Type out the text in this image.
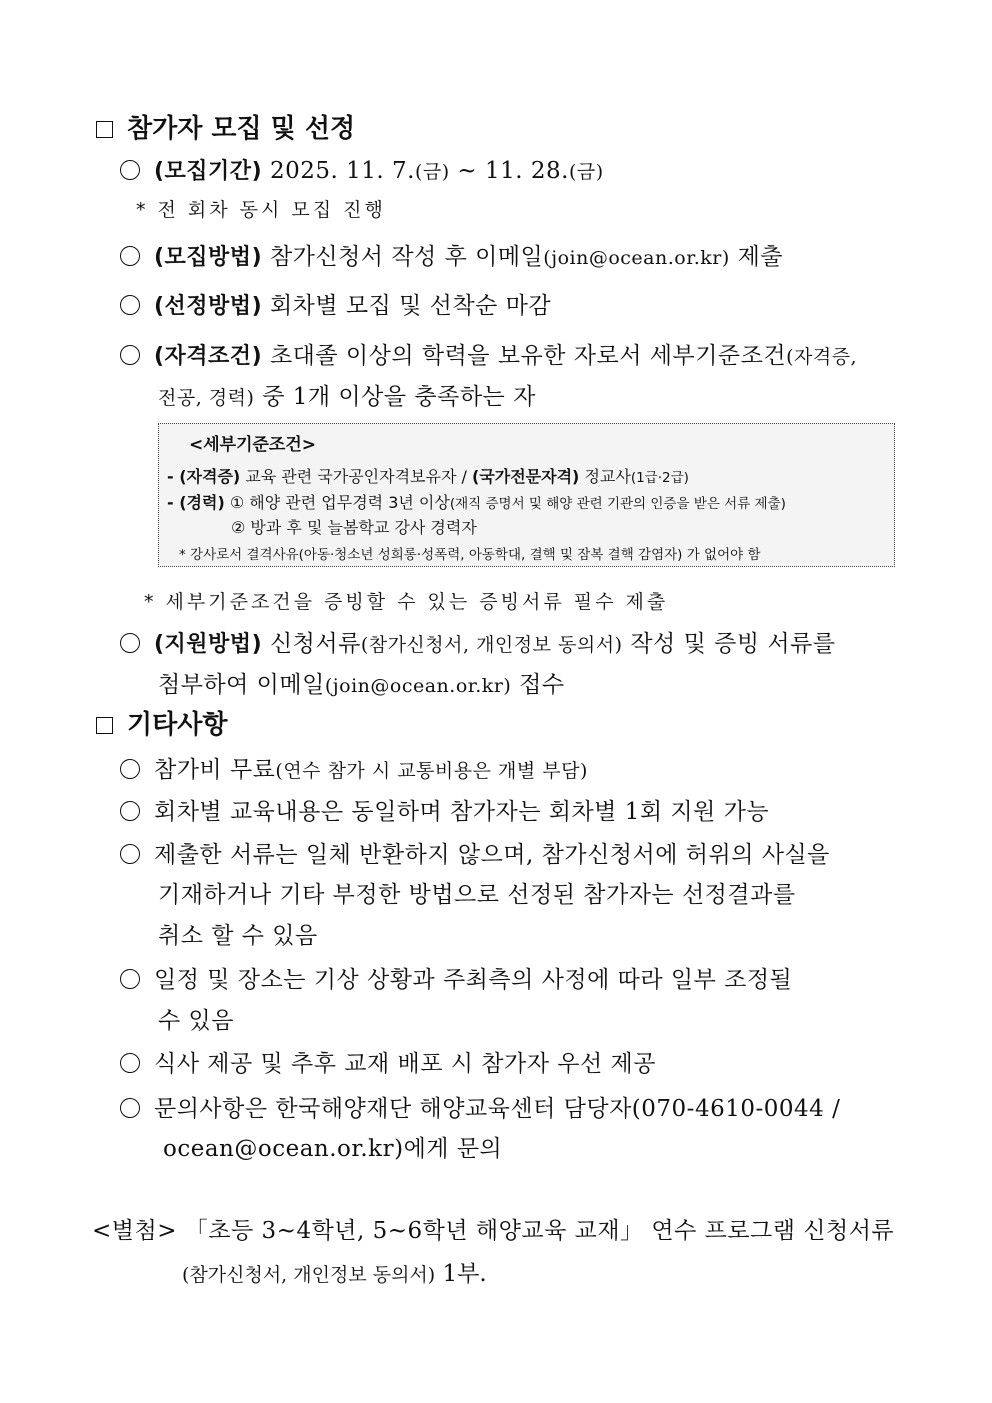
참가자 모집 및 선정
(모집기간) 2025. 11. 7.(금) ~ 11. 28.(금)
* 전 회차 동시 모집 진행
(모집방법) 참가신청서 작성 후 이메일(join@ocean.or.kr) 제출
(선정방법) 회차별 모집 및 선착순 마감
(자격조건) 초대졸 이상의 학력을 보유한 자로서 세부기준조건(자격증,
전공, 경력) 중 1개 이상을 충족하는 자
<세부기준조건>
- (자격증) 교육 관련 국가공인자격보유자 / (국가전문자격) 정교사(1급·2급)
- (경력) ① 해양 관련 업무경력 3년 이상(재직 증명서 및 해양 관련 기관의 인증을 받은 서류 제출)
② 방과 후 및 늘봄학교 강사 경력자
* 강사로서 결격사유(아동·청소년 성희롱·성폭력, 아동학대, 결핵 및 잠복 결핵 감염자) 가 없어야 함
* 세부기준조건을 증빙할 수 있는 증빙서류 필수 제출
(지원방법) 신청서류(참가신청서, 개인정보 동의서) 작성 및 증빙 서류를
첨부하여 이메일(join@ocean.or.kr) 접수
기타사항
참가비 무료(연수 참가 시 교통비용은 개별 부담)
회차별 교육내용은 동일하며 참가자는 회차별 1회 지원 가능
제출한 서류는 일체 반환하지 않으며, 참가신청서에 허위의 사실을
기재하거나 기타 부정한 방법으로 선정된 참가자는 선정결과를
취소 할 수 있음
일정 및 장소는 기상 상황과 주최측의 사정에 따라 일부 조정될
수 있음
식사 제공 및 추후 교재 배포 시 참가자 우선 제공
문의사항은 한국해양재단 해양교육센터 담당자(070-4610-0044 /
ocean@ocean.or.kr)에게 문의
<별첨> 「초등 3~4학년, 5~6학년 해양교육 교재」 연수 프로그램 신청서류
(참가신청서, 개인정보 동의서) 1부.
